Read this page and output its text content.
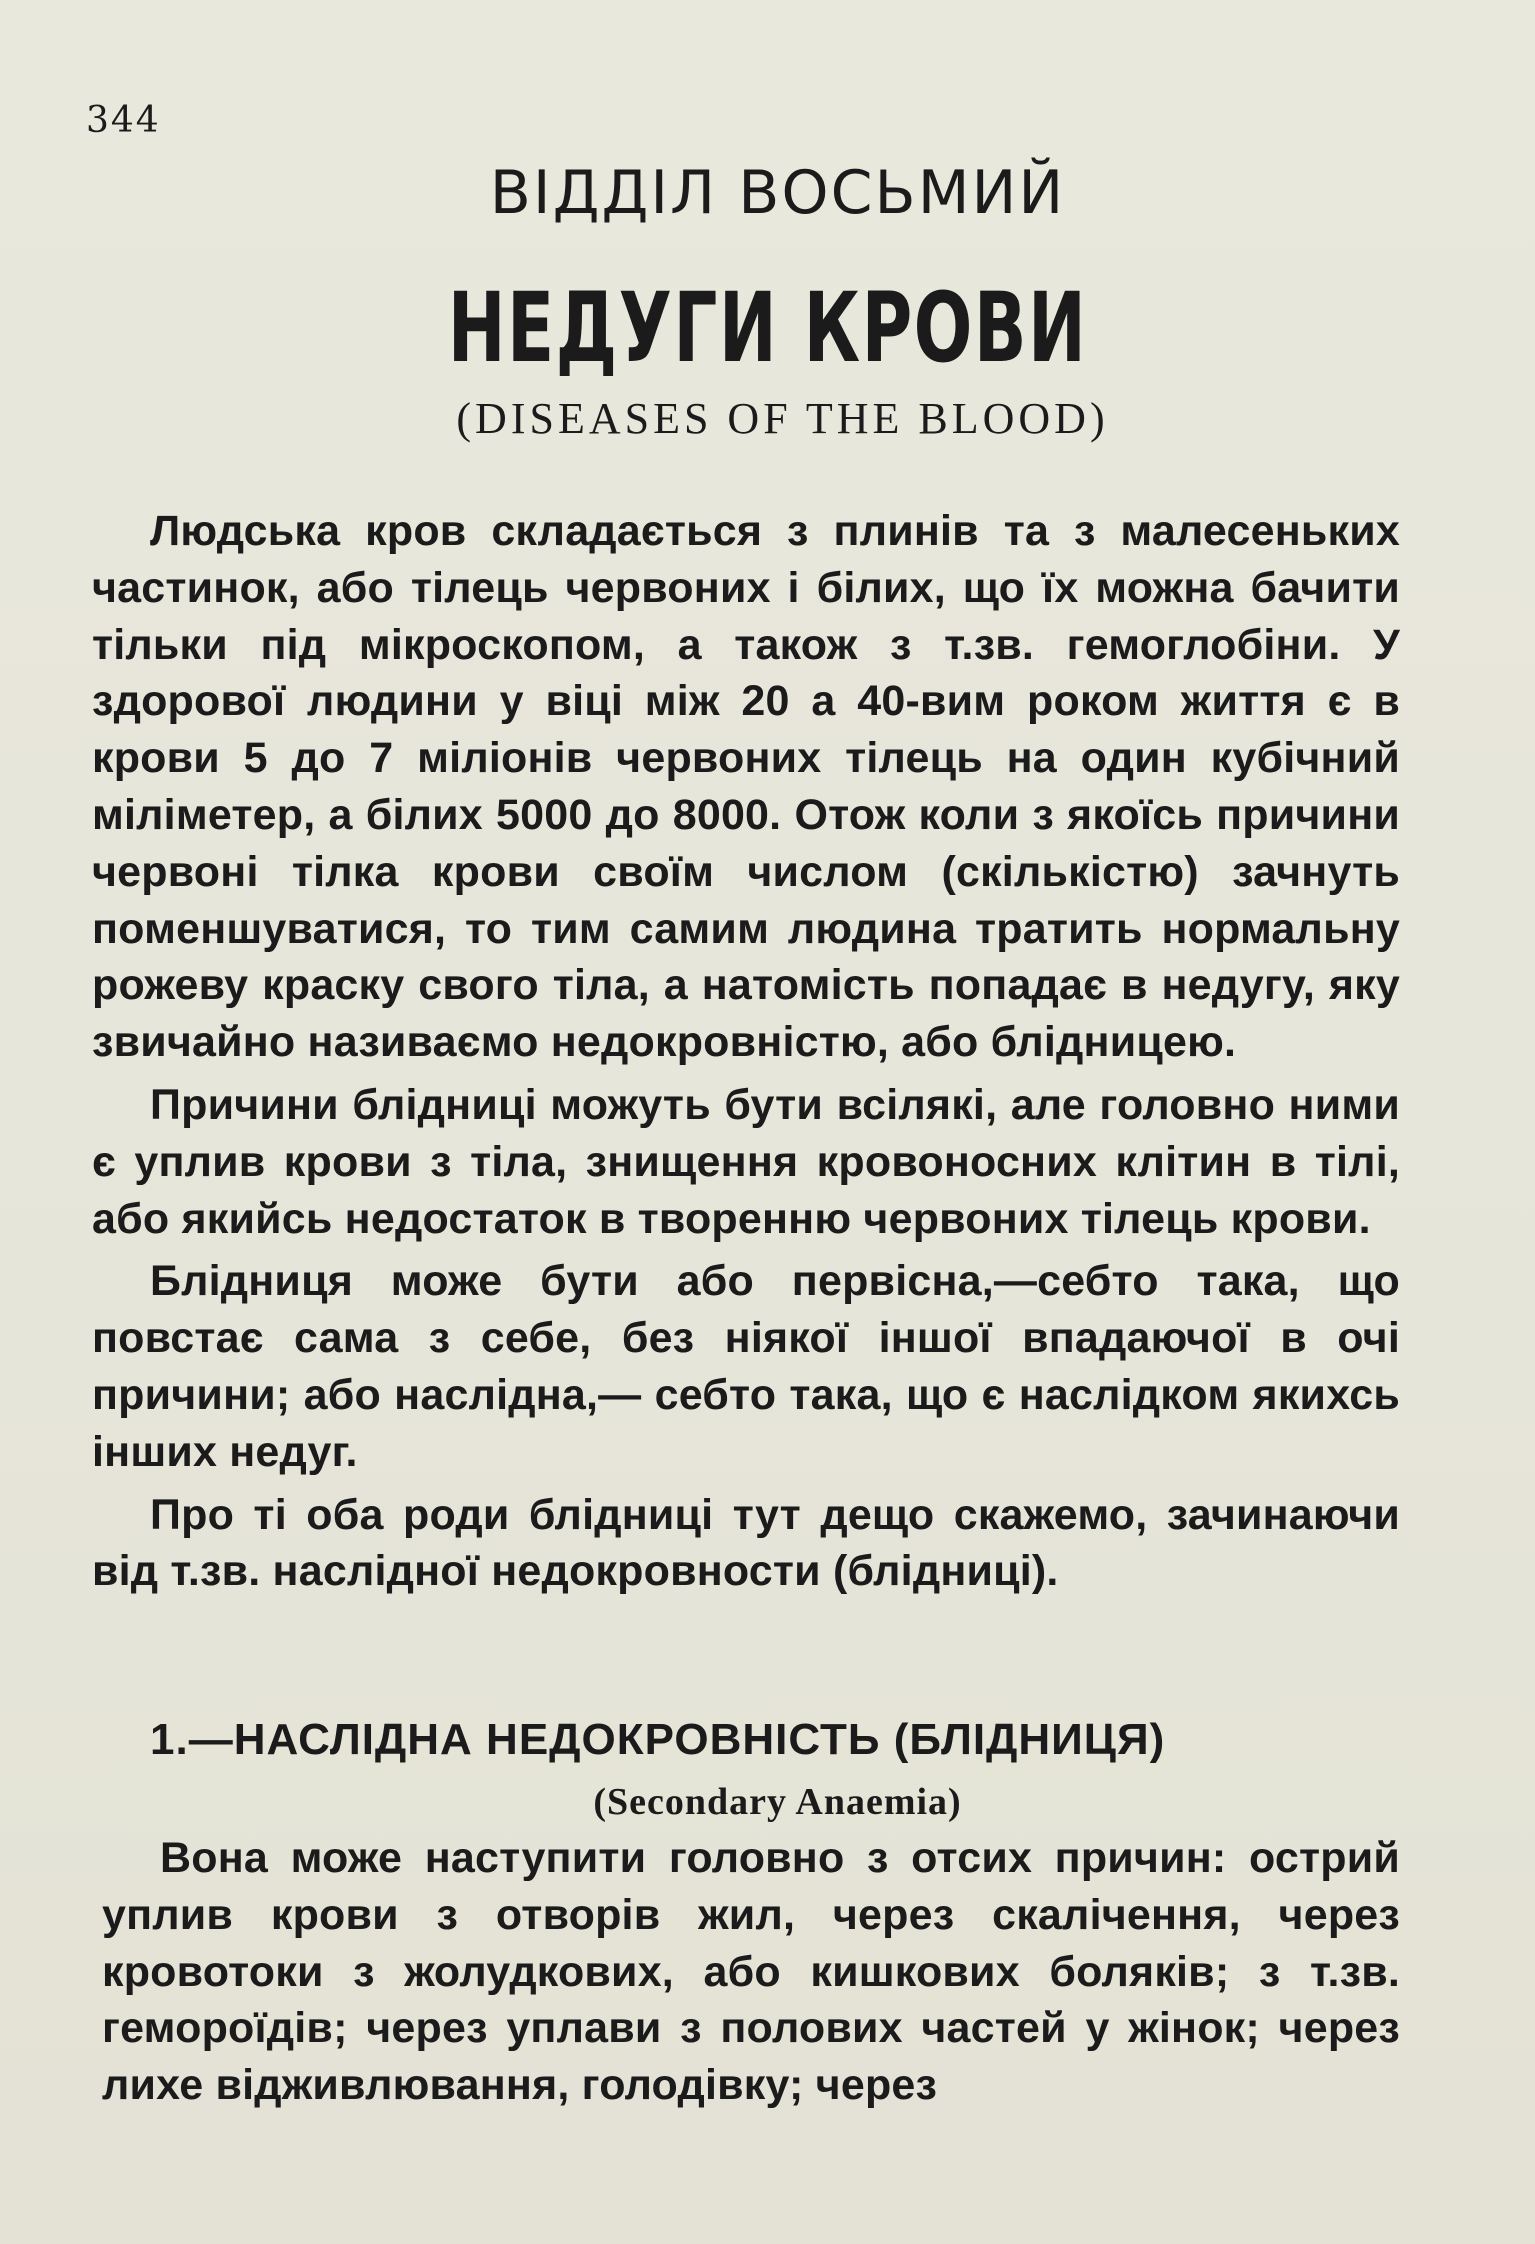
344
ВІДДІЛ ВОСЬМИЙ
НЕДУГИ КРОВИ
(DISEASES OF THE BLOOD)

Людська кров складається з плинів та з малесеньких частинок, або тілець червоних і білих, що їх можна бачити тільки під мікроскопом, а також з т.зв. гемоглобіни. У здорової людини у віці між 20 а 40-вим роком життя є в крови 5 до 7 міліонів червоних тілець на один кубічний міліметер, а білих 5000 до 8000. Отож коли з якоїсь причини червоні тілка крови своїм числом (скількістю) зачнуть поменшуватися, то тим самим людина тратить нормальну рожеву краску свого тіла, а натомість попадає в недугу, яку звичайно називаємо недокровністю, або блідницею.

Причини блідниці можуть бути всілякі, але головно ними є уплив крови з тіла, знищення кровоносних клітин в тілі, або якийсь недостаток в творенню червоних тілець крови.

Блідниця може бути або первісна,—себто така, що повстає сама з себе, без ніякої іншої впадаючої в очі причини; або наслідна,— себто така, що є наслідком якихсь інших недуг.

Про ті оба роди блідниці тут дещо скажемо, зачинаючи від т.зв. наслідної недокровности (блідниці).

1.—НАСЛІДНА НЕДОКРОВНІСТЬ (БЛІДНИЦЯ)
(Secondary Anaemia)

Вона може наступити головно з отсих причин: острий уплив крови з отворів жил, через скалічення, через кровотоки з жолудкових, або кишкових боляків; з т.зв. гемороїдів; через уплави з полових частей у жінок; через лихе відживлювання, голодівку; через
